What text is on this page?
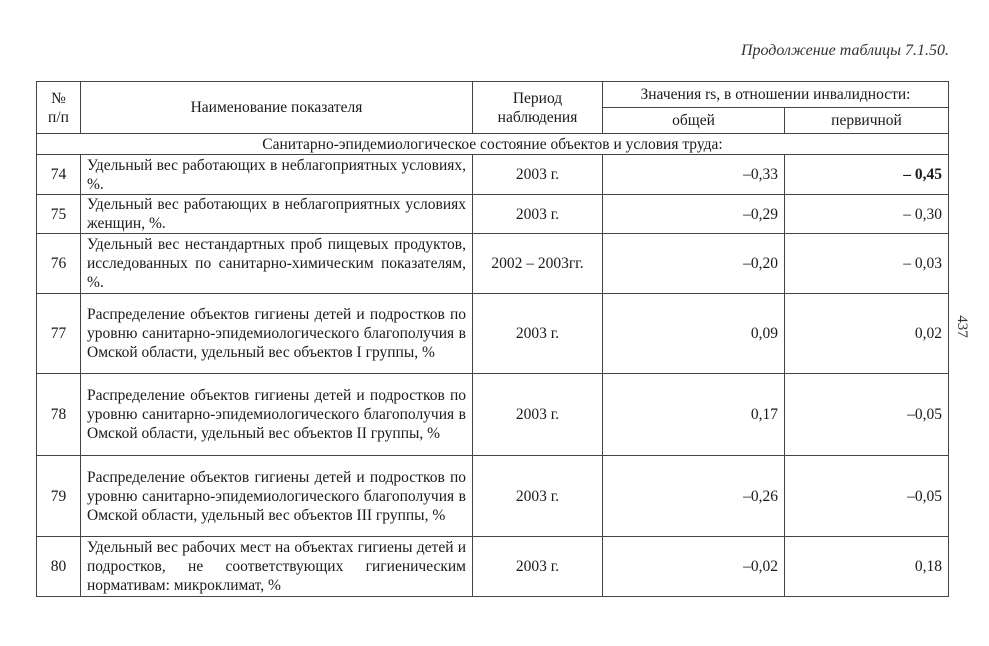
Продолжение таблицы 7.1.50.
437
№ п/п	Наименование показателя	Период наблюдения	Значения rs, в отношении инвалидности:	
			общей	первичной
Санитарно-эпидемиологическое состояние объектов и условия труда:				
74	Удельный вес работающих в неблагоприятных условиях, %.	2003 г.	–0,33	– 0,45
75	Удельный вес работающих в неблагоприятных условиях женщин, %.	2003 г.	–0,29	– 0,30
76	Удельный вес нестандартных проб пищевых продуктов, исследованных по санитарно-химическим показателям, %.	2002 – 2003гг.	–0,20	– 0,03
77	Распределение объектов гигиены детей и подростков по уровню санитарно-эпидемиологического благополучия в Омской области, удельный вес объектов I группы, %	2003 г.	0,09	0,02
78	Распределение объектов гигиены детей и подростков по уровню санитарно-эпидемиологического благополучия в Омской области, удельный вес объектов II группы, %	2003 г.	0,17	–0,05
79	Распределение объектов гигиены детей и подростков по уровню санитарно-эпидемиологического благополучия в Омской области, удельный вес объектов III группы, %	2003 г.	–0,26	–0,05
80	Удельный вес рабочих мест на объектах гигиены детей и подростков, не соответствующих гигиеническим нормативам: микроклимат, %	2003 г.	–0,02	0,18
